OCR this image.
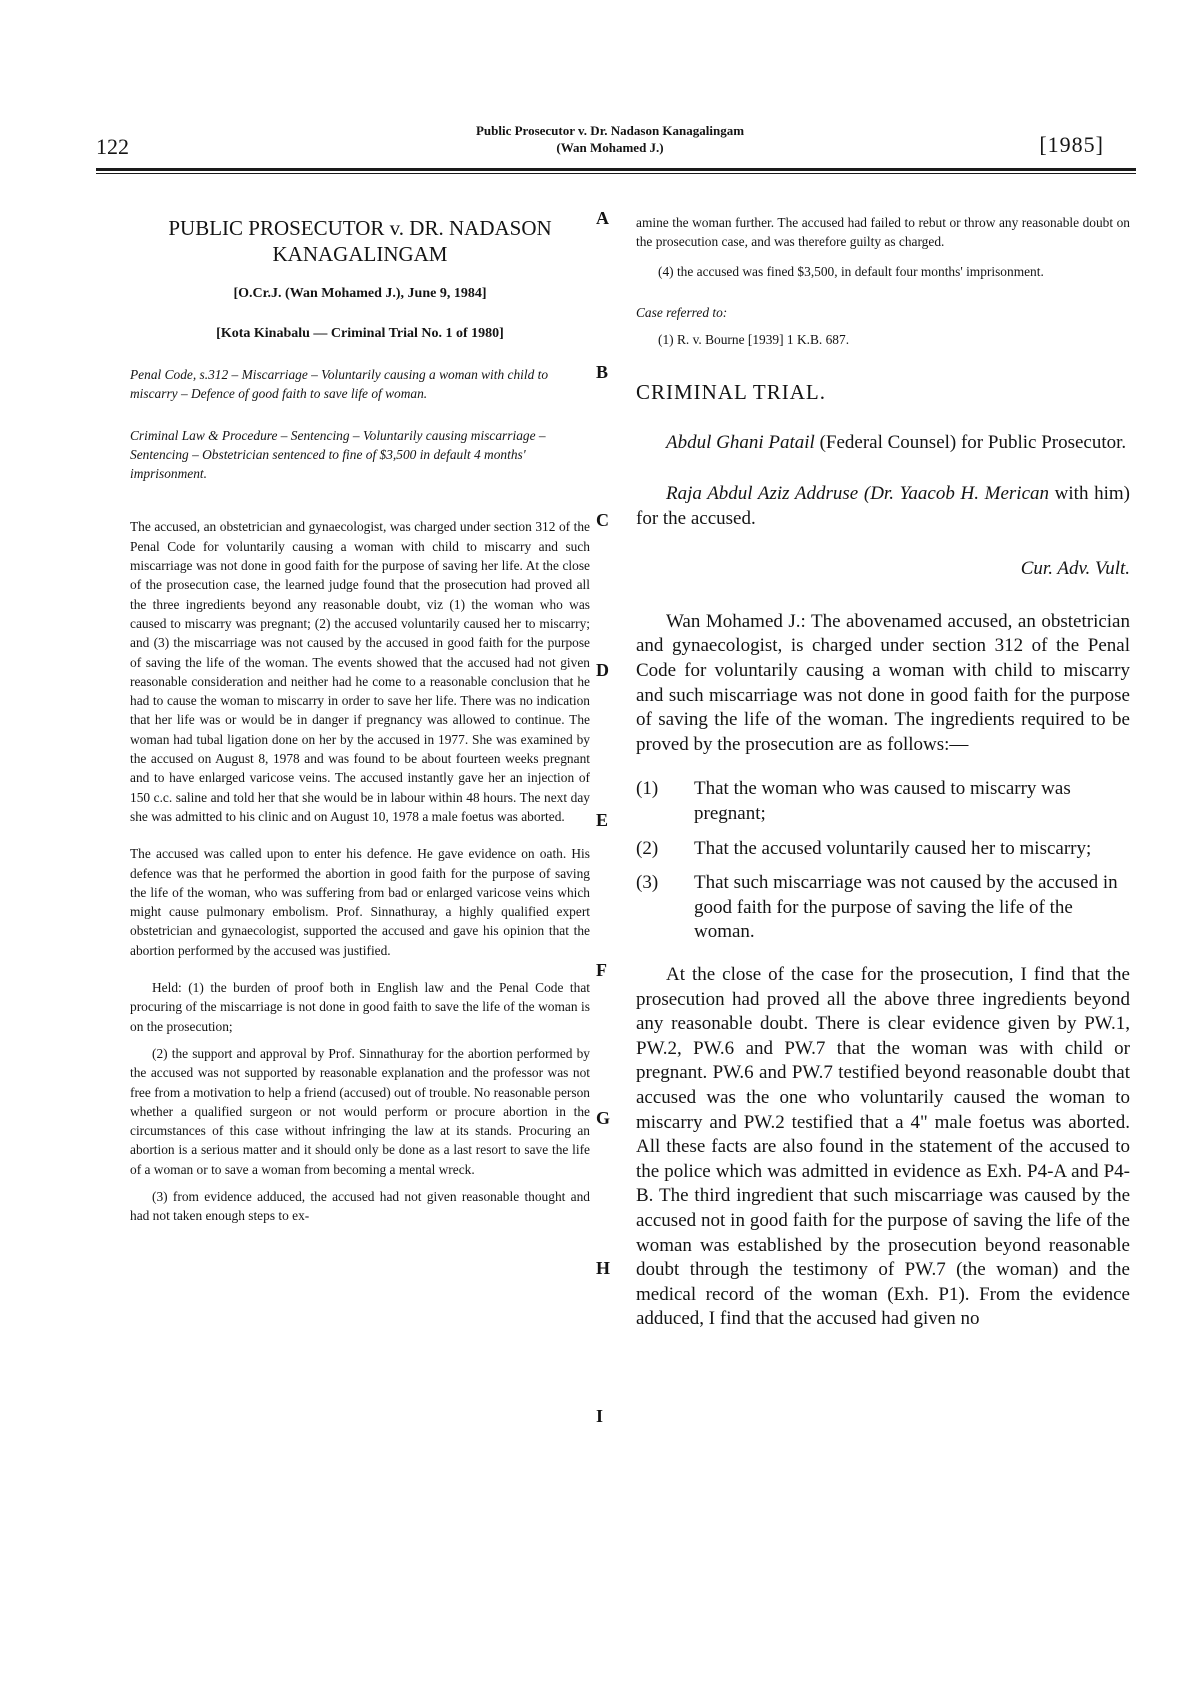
122
Public Prosecutor v. Dr. Nadason Kanagalingam
(Wan Mohamed J.)	[1985]
PUBLIC PROSECUTOR v. DR. NADASON
KANAGALINGAM
[O.Cr.J. (Wan Mohamed J.), June 9, 1984]
[Kota Kinabalu — Criminal Trial No. 1 of 1980]

Penal Code, s.312 – Miscarriage – Voluntarily causing a woman with child to miscarry – Defence of good faith to save life of woman.

Criminal Law & Procedure – Sentencing – Voluntarily causing miscarriage – Sentencing – Obstetrician sentenced to fine of $3,500 in default 4 months' imprisonment.

The accused, an obstetrician and gynaecologist, was charged under section 312 of the Penal Code for voluntarily causing a woman with child to miscarry and such miscarriage was not done in good faith for the purpose of saving her life. At the close of the prosecution case, the learned judge found that the prosecution had proved all the three ingredients beyond any reasonable doubt, viz (1) the woman who was caused to miscarry was pregnant; (2) the accused voluntarily caused her to miscarry; and (3) the miscarriage was not caused by the accused in good faith for the purpose of saving the life of the woman. The events showed that the accused had not given reasonable consideration and neither had he come to a reasonable conclusion that he had to cause the woman to miscarry in order to save her life. There was no indication that her life was or would be in danger if pregnancy was allowed to continue. The woman had tubal ligation done on her by the accused in 1977. She was examined by the accused on August 8, 1978 and was found to be about fourteen weeks pregnant and to have enlarged varicose veins. The accused instantly gave her an injection of 150 c.c. saline and told her that she would be in labour within 48 hours. The next day she was admitted to his clinic and on August 10, 1978 a male foetus was aborted.

The accused was called upon to enter his defence. He gave evidence on oath. His defence was that he performed the abortion in good faith for the purpose of saving the life of the woman, who was suffering from bad or enlarged varicose veins which might cause pulmonary embolism. Prof. Sinnathuray, a highly qualified expert obstetrician and gynaecologist, supported the accused and gave his opinion that the abortion performed by the accused was justified.

Held: (1) the burden of proof both in English law and the Penal Code that procuring of the miscarriage is not done in good faith to save the life of the woman is on the prosecution;

(2) the support and approval by Prof. Sinnathuray for the abortion performed by the accused was not supported by reasonable explanation and the professor was not free from a motivation to help a friend (accused) out of trouble. No reasonable person whether a qualified surgeon or not would perform or procure abortion in the circumstances of this case without infringing the law at its stands. Procuring an abortion is a serious matter and it should only be done as a last resort to save the life of a woman or to save a woman from becoming a mental wreck.

(3) from evidence adduced, the accused had not given reasonable thought and had not taken enough steps to ex-

A
B
C
D
E
F
G
H
I

amine the woman further. The accused had failed to rebut or throw any reasonable doubt on the prosecution case, and was therefore guilty as charged.

(4) the accused was fined $3,500, in default four months' imprisonment.

Case referred to:

(1) R. v. Bourne [1939] 1 K.B. 687.

CRIMINAL TRIAL.

Abdul Ghani Patail (Federal Counsel) for Public Prosecutor.

Raja Abdul Aziz Addruse (Dr. Yaacob H. Merican with him) for the accused.

Cur. Adv. Vult.

Wan Mohamed J.: The abovenamed accused, an obstetrician and gynaecologist, is charged under section 312 of the Penal Code for voluntarily causing a woman with child to miscarry and such miscarriage was not done in good faith for the purpose of saving the life of the woman. The ingredients required to be proved by the prosecution are as follows:—

(1)	That the woman who was caused to miscarry was pregnant;
(2)	That the accused voluntarily caused her to miscarry;
(3)	That such miscarriage was not caused by the accused in good faith for the purpose of saving the life of the woman.

At the close of the case for the prosecution, I find that the prosecution had proved all the above three ingredients beyond any reasonable doubt. There is clear evidence given by PW.1, PW.2, PW.6 and PW.7 that the woman was with child or pregnant. PW.6 and PW.7 testified beyond reasonable doubt that accused was the one who voluntarily caused the woman to miscarry and PW.2 testified that a 4" male foetus was aborted. All these facts are also found in the statement of the accused to the police which was admitted in evidence as Exh. P4-A and P4-B. The third ingredient that such miscarriage was caused by the accused not in good faith for the purpose of saving the life of the woman was established by the prosecution beyond reasonable doubt through the testimony of PW.7 (the woman) and the medical record of the woman (Exh. P1). From the evidence adduced, I find that the accused had given no
